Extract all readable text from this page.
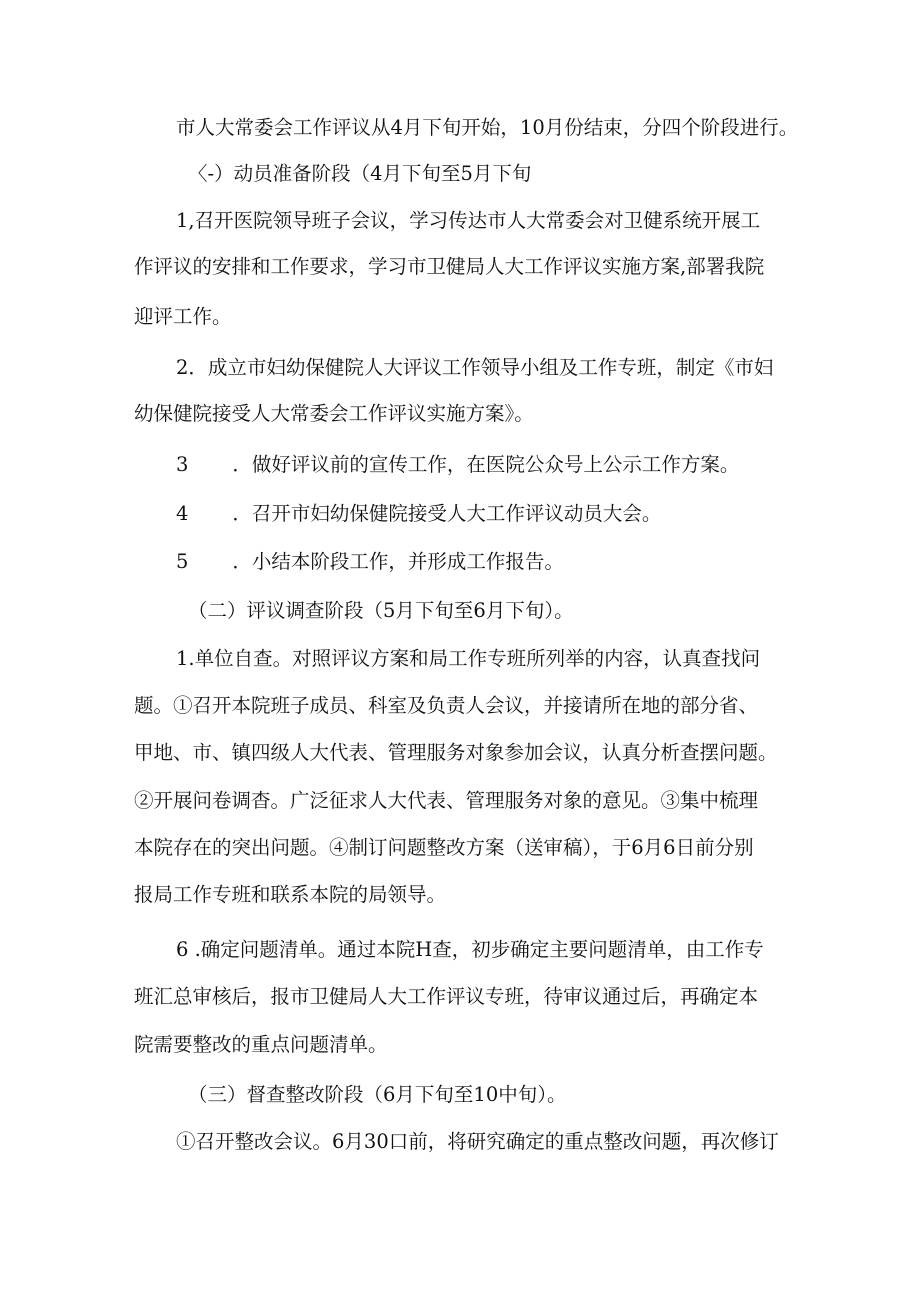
市人大常委会工作评议从4月下旬开始，10月份结束，分四个阶段进行。
〈-）动员准备阶段（4月下旬至5月下旬
1,召开医院领导班子会议，学习传达市人大常委会对卫健系统开展工
作评议的安排和工作要求，学习市卫健局人大工作评议实施方案,部署我院
迎评工作。
2．成立市妇幼保健院人大评议工作领导小组及工作专班，制定《市妇
幼保健院接受人大常委会工作评议实施方案》。
3 ．做好评议前的宣传工作，在医院公众号上公示工作方案。
4 ．召开市妇幼保健院接受人大工作评议动员大会。
5 ．小结本阶段工作，并形成工作报告。
（二）评议调查阶段（5月下旬至6月下旬）。
1.单位自查。对照评议方案和局工作专班所列举的内容，认真查找问
题。①召开本院班子成员、科室及负责人会议，并接请所在地的部分省、
甲地、市、镇四级人大代表、管理服务对象参加会议，认真分析查摆问题。
②开展问卷调杳。广泛征求人大代表、管理服务对象的意见。③集中梳理
本院存在的突出问题。④制订问题整改方案（送审稿），于6月6日前分别
报局工作专班和联系本院的局领导。
6 .确定问题清单。通过本院H查，初步确定主要问题清单，由工作专
班汇总审核后，报市卫健局人大工作评议专班，待审议通过后，再确定本
院需要整改的重点问题清单。
（三）督查整改阶段（6月下旬至10中旬）。
①召开整改会议。6月30口前，将研究确定的重点整改问题，再次修订
